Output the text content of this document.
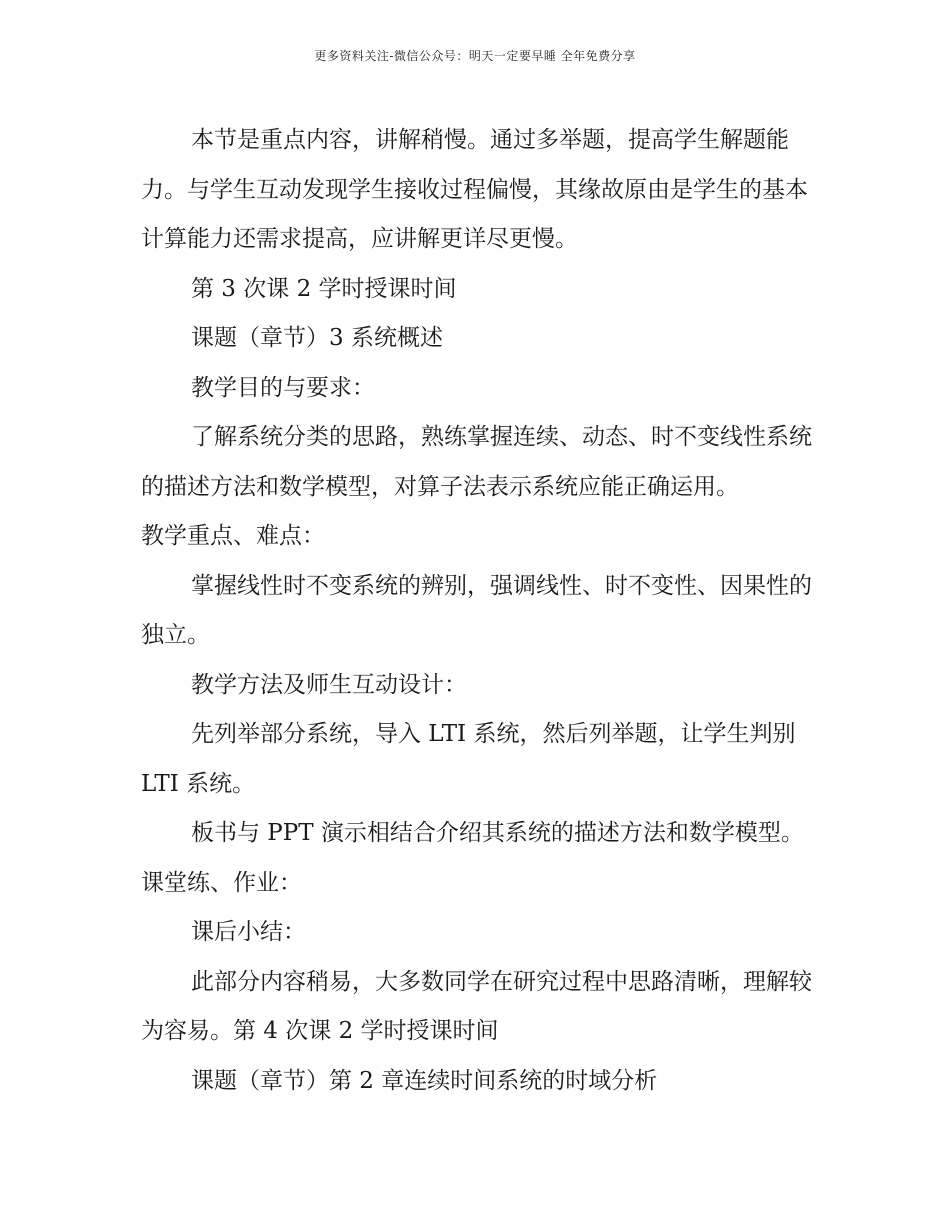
更多资料关注-微信公众号：明天一定要早睡 全年免费分享

本节是重点内容，讲解稍慢。通过多举题，提高学生解题能力。与学生互动发现学生接收过程偏慢，其缘故原由是学生的基本计算能力还需求提高，应讲解更详尽更慢。

第 3 次课 2 学时授课时间

课题（章节）3 系统概述

教学目的与要求：

了解系统分类的思路，熟练掌握连续、动态、时不变线性系统的描述方法和数学模型，对算子法表示系统应能正确运用。

教学重点、难点：

掌握线性时不变系统的辨别，强调线性、时不变性、因果性的独立。

教学方法及师生互动设计：

先列举部分系统，导入 LTI 系统，然后列举题，让学生判别 LTI 系统。

板书与 PPT 演示相结合介绍其系统的描述方法和数学模型。课堂练、作业：

课后小结：

此部分内容稍易，大多数同学在研究过程中思路清晰，理解较为容易。第 4 次课 2 学时授课时间

课题（章节）第 2 章连续时间系统的时域分析
